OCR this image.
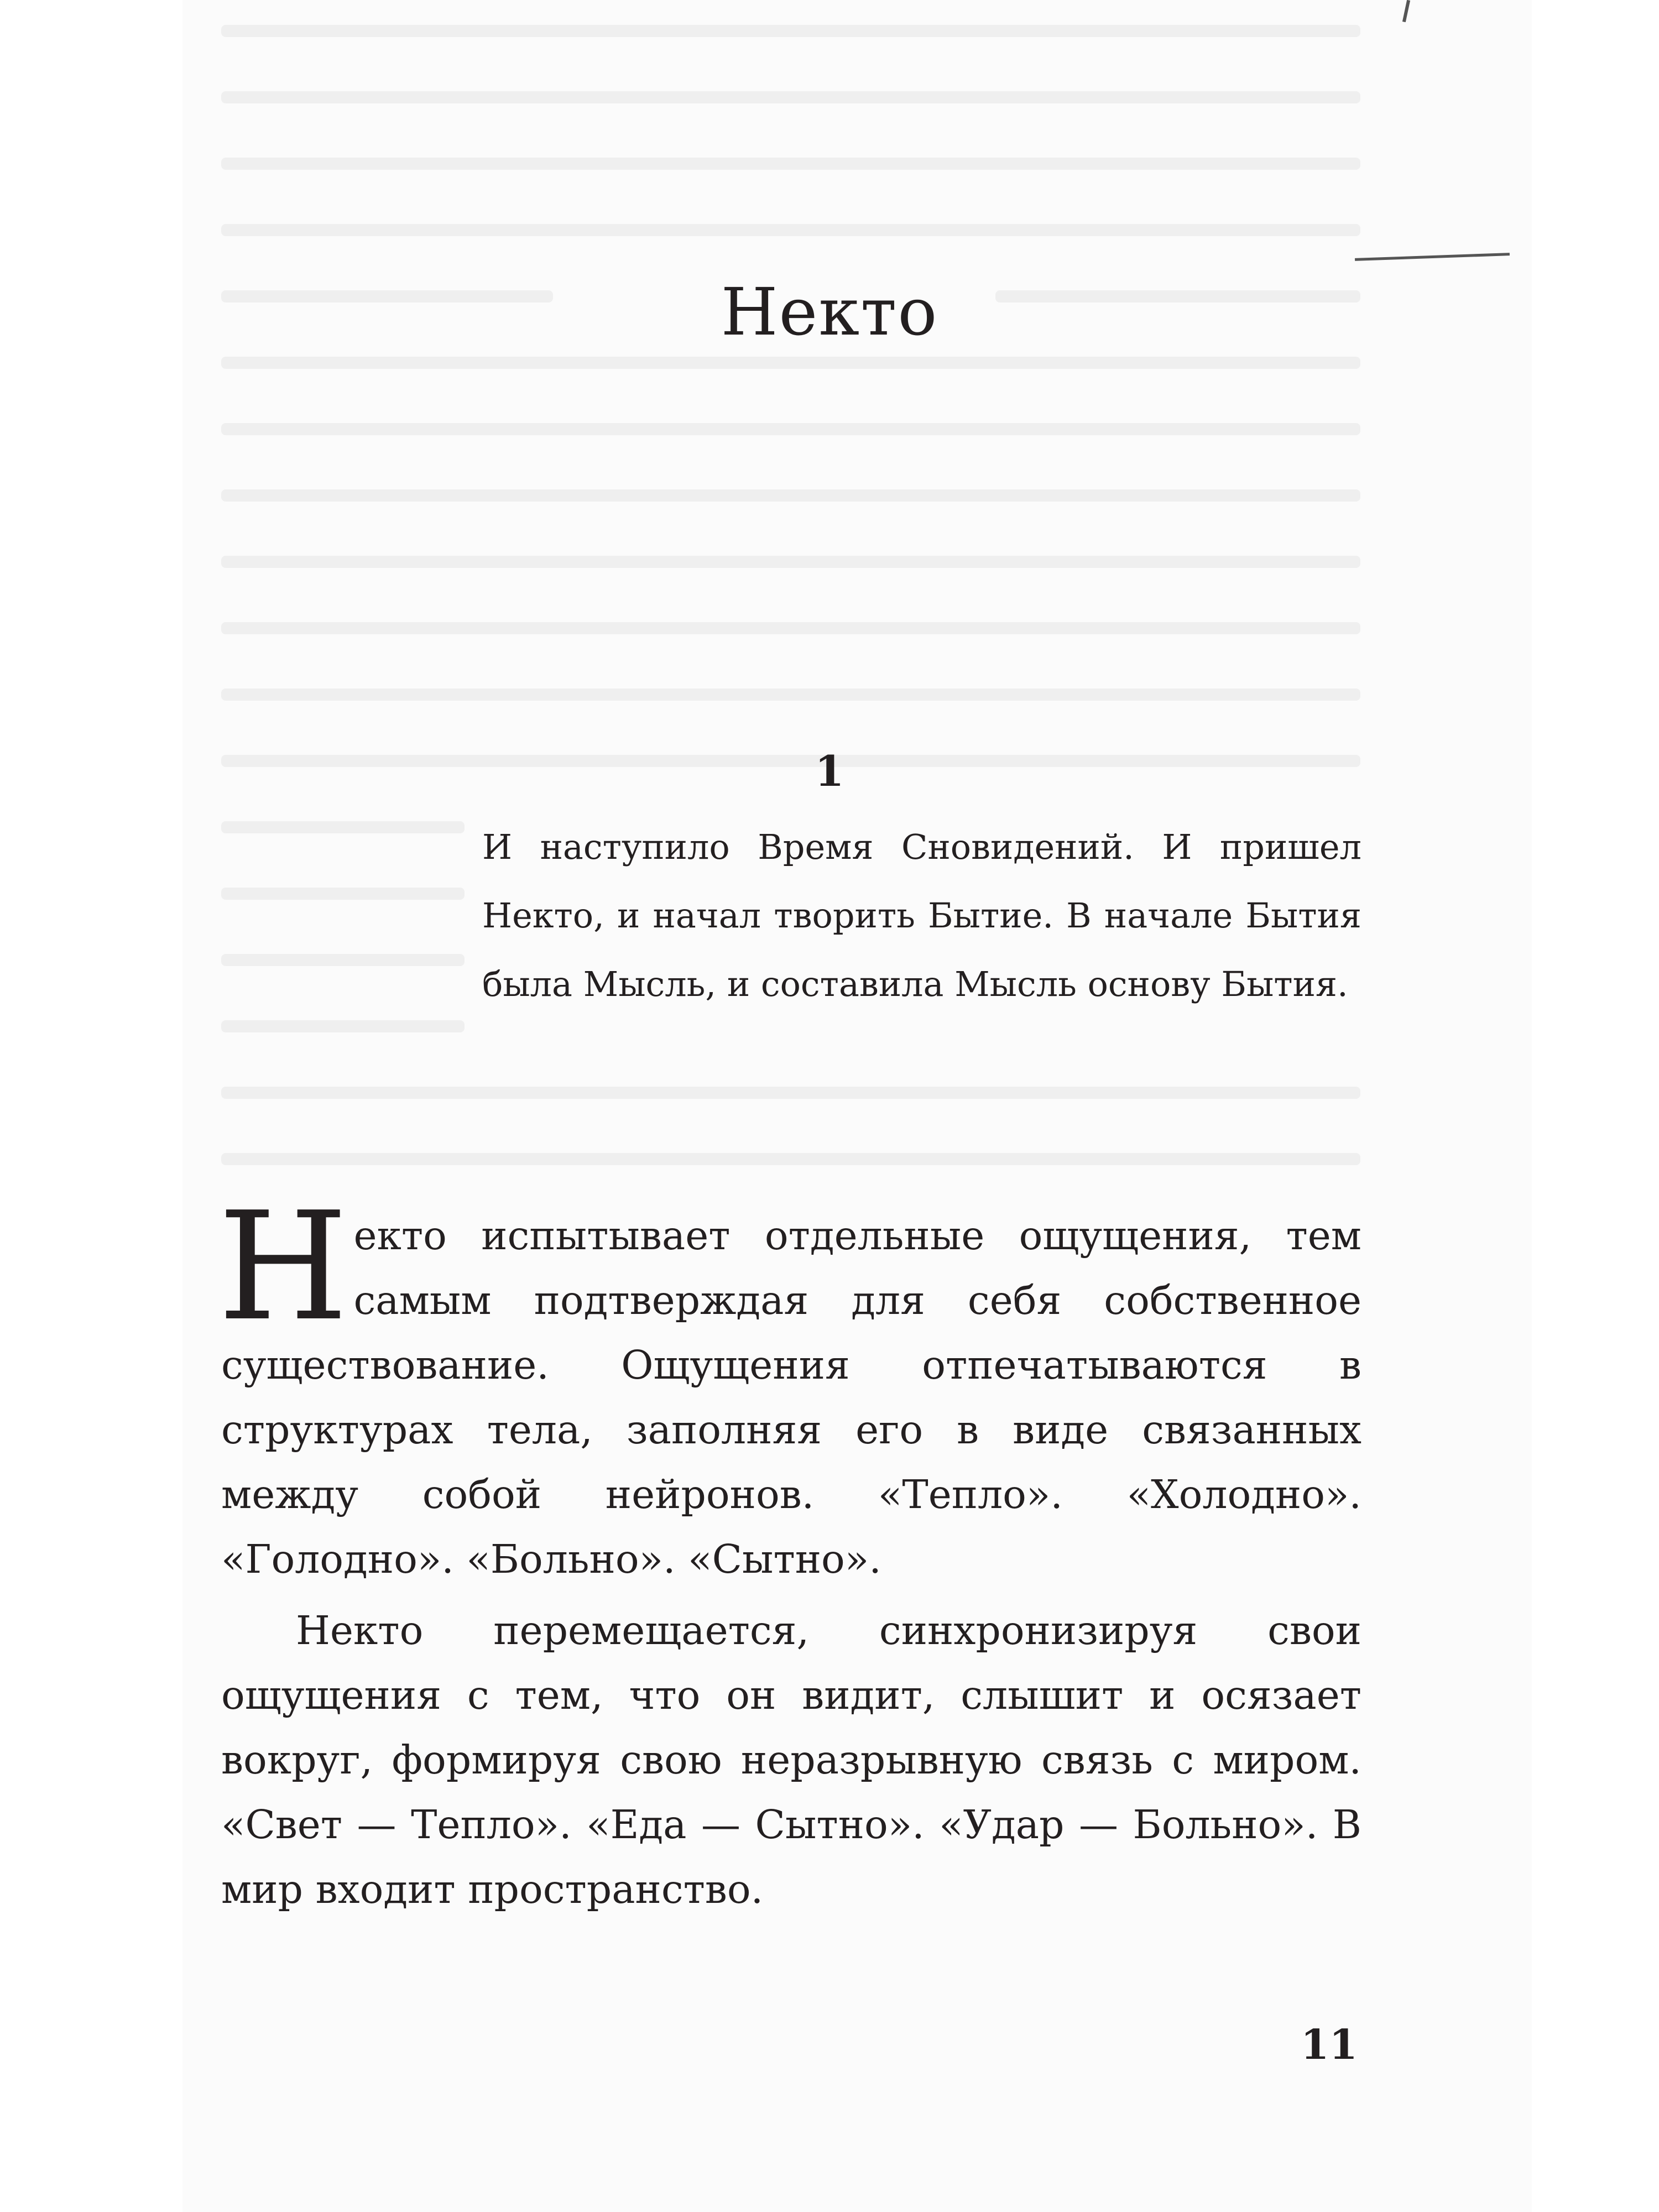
Некто
1

И наступило Время Сновидений. И пришел Некто, и начал творить Бытие. В начале Бытия была Мысль, и составила Мысль основу Бытия.

Некто испытывает отдельные ощущения, тем самым подтверждая для себя собственное существование. Ощущения отпечатываются в структурах тела, заполняя его в виде связанных между собой нейронов. «Тепло». «Холодно». «Голодно». «Больно». «Сытно».

Некто перемещается, синхронизируя свои ощущения с тем, что он видит, слышит и осязает вокруг, формируя свою неразрывную связь с миром. «Свет — Тепло». «Еда — Сытно». «Удар — Больно». В мир входит пространство.

11
